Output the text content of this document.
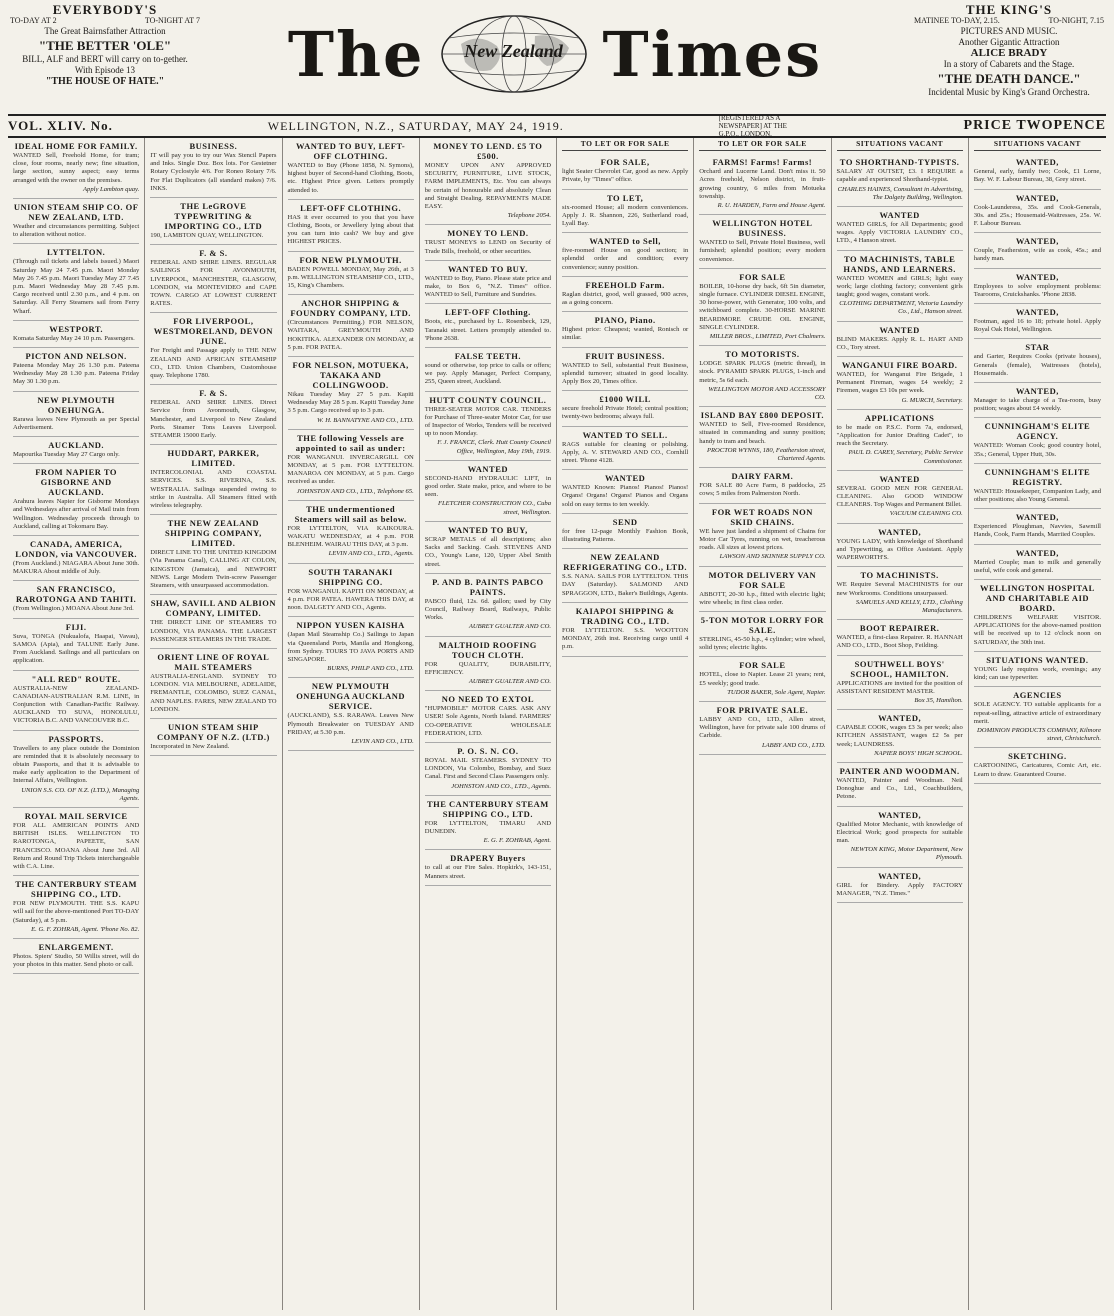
EVERYBODY'S
TO-DAY AT 2	TO-NIGHT AT 7
The Great Bairnsfather Attraction
"THE BETTER 'OLE"
BILL, ALF and BERT will carry on to-gether.
With Episode 13
"THE HOUSE OF HATE."	The	New Zealand Times
THE KING'S
MATINEE TO-DAY, 2.15.	TO-NIGHT, 7.15
PICTURES AND MUSIC.
Another Gigantic Attraction
ALICE BRADY
In a story of Cabarets and the Stage.
"THE DEATH DANCE."
Incidental Music by King's Grand Orchestra.
VOL. XLIV. No.	WELLINGTON, N.Z., SATURDAY, MAY 24, 1919.
[REGISTERED AS A NEWSPAPER] AT THE G.P.O., LONDON.
PRICE TWOPENCE
IDEAL HOME FOR FAMILY.

WANTED Sell, Freehold Home, for tram; close, four rooms, nearly new; fine situation, large section, sunny aspect; easy terms arranged with the owner on the premises.

Apply Lambton quay.
UNION STEAM SHIP CO. OF NEW ZEALAND, LTD.

Weather and circumstances permitting. Subject to alteration without notice.

LYTTELTON.

(Through rail tickets and labels issued.) Maori Saturday May 24 7.45 p.m. Maori Monday May 26 7.45 p.m. Maori Tuesday May 27 7.45 p.m. Maori Wednesday May 28 7.45 p.m. Cargo received until 2.30 p.m., and 4 p.m. on Saturday. All Ferry Steamers sail from Ferry Wharf.

WESTPORT.

Komata Saturday May 24 10 p.m. Passengers.

PICTON AND NELSON.

Pateena Monday May 26 1.30 p.m. Pateena Wednesday May 28 1.30 p.m. Pateena Friday May 30 1.30 p.m.

NEW PLYMOUTH ONEHUNGA.

Rarawa leaves New Plymouth as per Special Advertisement.

AUCKLAND.

Mapourika Tuesday May 27 Cargo only.

FROM NAPIER TO GISBORNE AND AUCKLAND.

Arahura leaves Napier for Gisborne Mondays and Wednesdays after arrival of Mail train from Wellington. Wednesday proceeds through to Auckland, calling at Tokomaru Bay.

CANADA, AMERICA, LONDON, via VANCOUVER.

(From Auckland.) NIAGARA About June 30th. MAKURA About middle of July.

SAN FRANCISCO, RAROTONGA AND TAHITI.

(From Wellington.) MOANA About June 3rd.

FIJI.

Suva, TONGA (Nukualofa, Haapai, Vavau), SAMOA (Apia), and TALUNE Early June. From Auckland. Sailings and all particulars on application.

"ALL RED" ROUTE.

AUSTRALIA-NEW ZEALAND-CANADIAN-AUSTRALIAN R.M. LINE, in Conjunction with Canadian-Pacific Railway. AUCKLAND TO SUVA, HONOLULU, VICTORIA B.C. AND VANCOUVER B.C.

PASSPORTS.

Travellers to any place outside the Dominion are reminded that it is absolutely necessary to obtain Passports, and that it is advisable to make early application to the Department of Internal Affairs, Wellington.

UNION S.S. CO. OF N.Z. (LTD.), Managing Agents.
ROYAL MAIL SERVICE

FOR ALL AMERICAN POINTS AND BRITISH ISLES. WELLINGTON TO RAROTONGA, PAPEETE, SAN FRANCISCO. MOANA About June 3rd. All Return and Round Trip Tickets interchangeable with C.A. Line.

THE CANTERBURY STEAM SHIPPING CO., LTD.

FOR NEW PLYMOUTH. THE S.S. KAPU will sail for the above-mentioned Port TO-DAY (Saturday), at 5 p.m.

E. G. F. ZOHRAB, Agent. 'Phone No. 82.
ENLARGEMENT.

Photos. Spiers' Studio, 50 Willis street, will do your photos in this matter. Send photo or call.

BUSINESS.

IT will pay you to try our Wax Stencil Papers and Inks. Single Doz. Box lots. For Gestetner Rotary Cyclostyle 4/6. For Roneo Rotary 7/6. For Flat Duplicators (all standard makes) 7/6. INKS.

THE LeGROVE TYPEWRITING & IMPORTING CO., LTD

190, LAMBTON QUAY, WELLINGTON.

F. & S.

FEDERAL AND SHIRE LINES. REGULAR SAILINGS FOR AVONMOUTH, LIVERPOOL, MANCHESTER, GLASGOW, LONDON, via MONTEVIDEO and CAPE TOWN. CARGO AT LOWEST CURRENT RATES.

FOR LIVERPOOL, WESTMORELAND, DEVON JUNE.

For Freight and Passage apply to THE NEW ZEALAND AND AFRICAN STEAMSHIP CO., LTD. Union Chambers, Customhouse quay. Telephone 1780.

F. & S.

FEDERAL AND SHIRE LINES. Direct Service from Avonmouth, Glasgow, Manchester, and Liverpool to New Zealand Ports. Steamer Tons Leaves Liverpool. STEAMER 15000 Early.

HUDDART, PARKER, LIMITED.

INTERCOLONIAL AND COASTAL SERVICES. S.S. RIVERINA, S.S. WESTRALIA. Sailings suspended owing to strike in Australia. All Steamers fitted with wireless telegraphy.

THE NEW ZEALAND SHIPPING COMPANY, LIMITED.

DIRECT LINE TO THE UNITED KINGDOM (Via Panama Canal), CALLING AT COLON, KINGSTON (Jamaica), and NEWPORT NEWS. Large Modern Twin-screw Passenger Steamers, with unsurpassed accommodation.

SHAW, SAVILL AND ALBION COMPANY, LIMITED.

THE DIRECT LINE OF STEAMERS TO LONDON, VIA PANAMA. THE LARGEST PASSENGER STEAMERS IN THE TRADE.

ORIENT LINE OF ROYAL MAIL STEAMERS

AUSTRALIA-ENGLAND. SYDNEY TO LONDON. VIA MELBOURNE, ADELAIDE, FREMANTLE, COLOMBO, SUEZ CANAL, AND NAPLES. FARES, NEW ZEALAND TO LONDON.

UNION STEAM SHIP COMPANY OF N.Z. (LTD.)

Incorporated in New Zealand.

WANTED TO BUY, LEFT-OFF CLOTHING.

WANTED to Buy (Phone 1858, N. Symons), highest buyer of Second-hand Clothing, Boots, etc. Highest Price given. Letters promptly attended to.

LEFT-OFF CLOTHING.

HAS it ever occurred to you that you have Clothing, Boots, or Jewellery lying about that you can turn into cash? We buy and give HIGHEST PRICES.

FOR NEW PLYMOUTH.

BADEN POWELL MONDAY, May 26th, at 3 p.m. WELLINGTON STEAMSHIP CO., LTD., 15, King's Chambers.

ANCHOR SHIPPING & FOUNDRY COMPANY, LTD.

(Circumstances Permitting.) FOR NELSON, WAITARA, GREYMOUTH AND HOKITIKA. ALEXANDER ON MONDAY, at 5 p.m. FOR PATEA.

FOR NELSON, MOTUEKA, TAKAKA AND COLLINGWOOD.

Nikau Tuesday May 27 5 p.m. Kapiti Wednesday May 28 5 p.m. Kapiti Tuesday June 3 5 p.m. Cargo received up to 3 p.m.

W. H. BANNATYNE AND CO., LTD.
THE following Vessels are appointed to sail as under:

FOR WANGANUI. INVERCARGILL ON MONDAY, at 5 p.m. FOR LYTTELTON. MANAROA ON MONDAY, at 5 p.m. Cargo received as under.

JOHNSTON AND CO., LTD., Telephone 65.
THE undermentioned Steamers will sail as below.

FOR LYTTELTON, VIA KAIKOURA. WAKATU WEDNESDAY, at 4 p.m. FOR BLENHEIM. WAIRAU THIS DAY, at 3 p.m.

LEVIN AND CO., LTD., Agents.
SOUTH TARANAKI SHIPPING CO.

FOR WANGANUI. KAPITI ON MONDAY, at 4 p.m. FOR PATEA. HAWERA THIS DAY, at noon. DALGETY AND CO., Agents.

NIPPON YUSEN KAISHA

(Japan Mail Steamship Co.) Sailings to Japan via Queensland Ports, Manila and Hongkong, from Sydney. TOURS TO JAVA PORTS AND SINGAPORE.

BURNS, PHILP AND CO., LTD.
NEW PLYMOUTH ONEHUNGA AUCKLAND SERVICE.

(AUCKLAND), S.S. RARAWA. Leaves New Plymouth Breakwater on TUESDAY AND FRIDAY, at 5.30 p.m.

LEVIN AND CO., LTD.
MONEY TO LEND. £5 TO £500.

MONEY UPON ANY APPROVED SECURITY, FURNITURE, LIVE STOCK, FARM IMPLEMENTS, Etc. You can always be certain of honourable and absolutely Clean and Straight Dealing. REPAYMENTS MADE EASY.

Telephone 2054.
MONEY TO LEND.

TRUST MONEYS to LEND on Security of Trade Bills, freehold, or other securities.

WANTED TO BUY.

WANTED to Buy, Piano. Please state price and make, to Box 6, "N.Z. Times" office. WANTED to Sell, Furniture and Sundries.

LEFT-OFF Clothing.

Boots, etc., purchased by L. Rosenbeck, 129, Taranaki street. Letters promptly attended to. 'Phone 2638.

FALSE TEETH.

sound or otherwise, top price to calls or offers; we pay. Apply Manager, Perfect Company, 255, Queen street, Auckland.

HUTT COUNTY COUNCIL.

THREE-SEATER MOTOR CAR. TENDERS for Purchase of Three-seater Motor Car, for use of Inspector of Works, Tenders will be received up to noon Monday.

F. J. FRANCE, Clerk. Hutt County Council Office, Wellington, May 19th, 1919.
WANTED

SECOND-HAND HYDRAULIC LIFT, in good order. State make, price, and where to be seen.

FLETCHER CONSTRUCTION CO., Cuba street, Wellington.
WANTED TO BUY,

SCRAP METALS of all descriptions; also Sacks and Sacking. Cash. STEVENS AND CO., Young's Lane, 120, Upper Abel Smith street.

P. AND B. PAINTS PABCO PAINTS.

PABCO fluid, 12s. 6d. gallon; used by City Council, Railway Board, Railways, Public Works.

AUBREY GUALTER AND CO.
MALTHOID ROOFING TOUCH CLOTH.

FOR QUALITY, DURABILITY, EFFICIENCY.

AUBREY GUALTER AND CO.
NO NEED TO EXTOL

"HUPMOBILE" MOTOR CARS. ASK ANY USER! Sole Agents, North Island. FARMERS' CO-OPERATIVE WHOLESALE FEDERATION, LTD.

P. O. S. N. CO.

ROYAL MAIL STEAMERS. SYDNEY TO LONDON, Via Colombo, Bombay, and Suez Canal. First and Second Class Passengers only.

JOHNSTON AND CO., LTD., Agents.
THE CANTERBURY STEAM SHIPPING CO., LTD.

FOR LYTTELTON, TIMARU AND DUNEDIN.

E. G. F. ZOHRAB, Agent.
DRAPERY Buyers

to call at our Fire Sales. Hopkirk's, 143-151, Manners street.

TO LET OR FOR SALE
FOR SALE,

light Seater Chevrolet Car, good as new. Apply Private, by "Times" office.

TO LET,

six-roomed House; all modern conveniences. Apply J. R. Shannon, 226, Sutherland road, Lyall Bay.

WANTED to Sell,

five-roomed House on good section; in splendid order and condition; every convenience; sunny position.

FREEHOLD Farm.

Raglan district, good, well grassed, 900 acres, as a going concern.

PIANO, Piano.

Highest price: Cheapest; wanted, Ronisch or similar.

FRUIT BUSINESS.

WANTED to Sell, substantial Fruit Business, splendid turnover; situated in good locality. Apply Box 20, Times office.

£1000 WILL

secure freehold Private Hotel; central position; twenty-two bedrooms; always full.

WANTED TO SELL.

RAGS suitable for cleaning or polishing. Apply, A. V. STEWARD AND CO., Cornhill street. 'Phone 4128.

WANTED

WANTED Known: Pianos! Pianos! Pianos! Organs! Organs! Organs! Pianos and Organs sold on easy terms to ten weekly.

SEND

for free 12-page Monthly Fashion Book, illustrating Patterns.

NEW ZEALAND REFRIGERATING CO., LTD.

S.S. NANA. SAILS FOR LYTTELTON. THIS DAY (Saturday). SALMOND AND SPRAGGON, LTD., Baker's Buildings, Agents.

KAIAPOI SHIPPING & TRADING CO., LTD.

FOR LYTTELTON. S.S. WOOTTON MONDAY, 26th inst. Receiving cargo until 4 p.m.

TO LET OR FOR SALE
FARMS! Farms! Farms!

Orchard and Lucerne Land. Don't miss it. 50 Acres freehold, Nelson district, in fruit-growing country, 6 miles from Motueka township.

R. U. HARDEN, Farm and House Agent.
WELLINGTON HOTEL BUSINESS.

WANTED to Sell, Private Hotel Business, well furnished; splendid position; every modern convenience.

FOR SALE

BOILER, 10-horse dry back, 6ft 5in diameter, single furnace. CYLINDER DIESEL ENGINE, 30 horse-power, with Generator, 100 volts, and switchboard complete. 30-HORSE MARINE BEARDMORE CRUDE OIL ENGINE, SINGLE CYLINDER.

MILLER BROS., LIMITED, Port Chalmers.
TO MOTORISTS.

LODGE SPARK PLUGS (metric thread), in stock. PYRAMID SPARK PLUGS, 1-inch and metric, 5s 6d each.

WELLINGTON MOTOR AND ACCESSORY CO.
ISLAND BAY £800 DEPOSIT.

WANTED to Sell, Five-roomed Residence, situated in commanding and sunny position; handy to tram and beach.

PROCTOR WYNNS, 180, Featherston street, Chartered Agents.
DAIRY FARM.

FOR SALE 80 Acre Farm, 8 paddocks, 25 cows; 5 miles from Palmerston North.

FOR WET ROADS NON SKID CHAINS.

WE have just landed a shipment of Chains for Motor Car Tyres, running on wet, treacherous roads. All sizes at lowest prices.

LAWSON AND SKINNER SUPPLY CO.
MOTOR DELIVERY VAN FOR SALE

ABBOTT, 20-30 h.p., fitted with electric light; wire wheels; in first class order.

5-TON MOTOR LORRY FOR SALE.

STERLING, 45-50 h.p., 4 cylinder; wire wheel, solid tyres; electric lights.

FOR SALE

HOTEL, close to Napier. Lease 21 years; rent, £5 weekly; good trade.

TUDOR BAKER, Sole Agent, Napier.
FOR PRIVATE SALE.

LABBY AND CO., LTD., Allen street, Wellington, have for private sale 100 drums of Carbide.

LABBY AND CO., LTD.
SITUATIONS VACANT
TO SHORTHAND-TYPISTS.

SALARY AT OUTSET, £3. I REQUIRE a capable and experienced Shorthand-typist.

CHARLES HAINES, Consultant in Advertising, The Dalgety Building, Wellington.
WANTED

WANTED GIRLS, for All Departments; good wages. Apply VICTORIA LAUNDRY CO., LTD., 4 Hanson street.

TO MACHINISTS, TABLE HANDS, AND LEARNERS.

WANTED WOMEN and GIRLS; light easy work; large clothing factory; convenient girls taught; good wages, constant work.

CLOTHING DEPARTMENT, Victoria Laundry Co., Ltd., Hanson street.
WANTED

BLIND MAKERS. Apply R. L. HART AND CO., Tory street.

WANGANUI FIRE BOARD.

WANTED, for Wanganui Fire Brigade, 1 Permanent Fireman, wages £4 weekly; 2 Firemen, wages £3 10s per week.

G. MURCH, Secretary.
APPLICATIONS

to be made on P.S.C. Form 7a, endorsed, "Application for Junior Drafting Cadet", to reach the Secretary.

PAUL D. CAREY, Secretary, Public Service Commissioner.
WANTED

SEVERAL GOOD MEN FOR GENERAL CLEANING. Also GOOD WINDOW CLEANERS. Top Wages and Permanent Billet.

VACUUM CLEANING CO.
WANTED,

YOUNG LADY, with knowledge of Shorthand and Typewriting, as Office Assistant. Apply WAPERWORTH'S.

TO MACHINISTS.

WE Require Several MACHINISTS for our new Workrooms. Conditions unsurpassed.

SAMUELS AND KELLY, LTD., Clothing Manufacturers.
BOOT REPAIRER.

WANTED, a first-class Repairer. R. HANNAH AND CO., LTD., Boot Shop, Feilding.

SOUTHWELL BOYS' SCHOOL, HAMILTON.

APPLICATIONS are invited for the position of ASSISTANT RESIDENT MASTER.

Box 35, Hamilton.
WANTED,

CAPABLE COOK, wages £3 3s per week; also KITCHEN ASSISTANT, wages £2 5s per week; LAUNDRESS.

NAPIER BOYS' HIGH SCHOOL.
PAINTER AND WOODMAN.

WANTED, Painter and Woodman. Neil Donoghue and Co., Ltd., Coachbuilders, Petone.

WANTED,

Qualified Motor Mechanic, with knowledge of Electrical Work; good prospects for suitable man.

NEWTON KING, Motor Department, New Plymouth.
WANTED,

GIRL for Bindery. Apply FACTORY MANAGER, "N.Z. Times."

SITUATIONS VACANT
WANTED,

General, early, family two; Cook, £1 Lorne, Bay. W. F. Labour Bureau, 38, Grey street.

WANTED,

Cook-Launderess, 35s. and Cook-Generals, 30s. and 25s.; Housemaid-Waitresses, 25s. W. F. Labour Bureau.

WANTED,

Couple, Featherston, wife as cook, 45s.; and handy man.

WANTED,

Employees to solve employment problems: Tearooms, Cruickshanks. 'Phone 2838.

WANTED,

Footman, aged 16 to 18; private hotel. Apply Royal Oak Hotel, Wellington.

STAR

and Garter, Requires Cooks (private houses), Generals (female), Waitresses (hotels), Housemaids.

WANTED,

Manager to take charge of a Tea-room, busy position; wages about £4 weekly.

CUNNINGHAM'S ELITE AGENCY.

WANTED: Woman Cook; good country hotel, 35s.; General, Upper Hutt, 30s.

CUNNINGHAM'S ELITE REGISTRY.

WANTED: Housekeeper, Companion Lady, and other positions; also Young General.

WANTED,

Experienced Ploughman, Navvies, Sawmill Hands, Cook, Farm Hands, Marriied Couples.

WANTED,

Married Couple; man to milk and generally useful, wife cook and general.

WELLINGTON HOSPITAL AND CHARITABLE AID BOARD.

CHILDREN'S WELFARE VISITOR. APPLICATIONS for the above-named position will be received up to 12 o'clock noon on SATURDAY, the 30th inst.

SITUATIONS WANTED.

YOUNG lady requires work, evenings; any kind; can use typewriter.

AGENCIES

SOLE AGENCY. TO suitable applicants for a repeat-selling, attractive article of extraordinary merit.

DOMINION PRODUCTS COMPANY, Kilmore street, Christchurch.
SKETCHING.

CARTOONING, Caricatures, Comic Art, etc. Learn to draw. Guaranteed Course.
